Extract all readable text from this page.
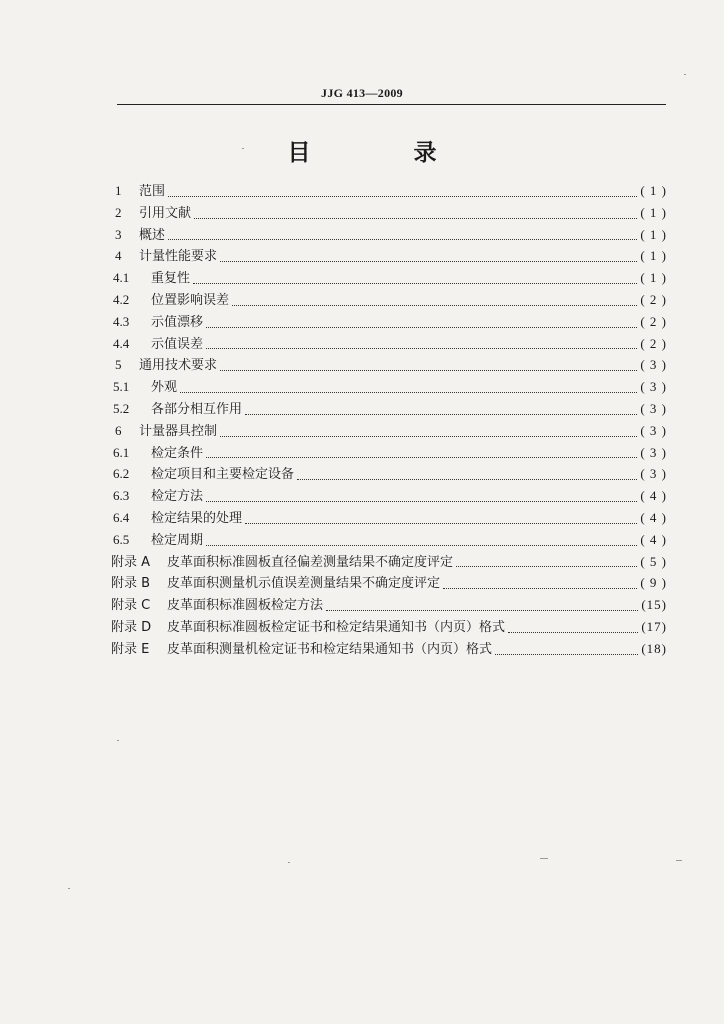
JJG 413—2009
目　录
1	范围	( 1 )
2	引用文献	( 1 )
3	概述	( 1 )
4	计量性能要求	( 1 )
4.1	重复性	( 1 )
4.2	位置影响误差	( 2 )
4.3	示值漂移	( 2 )
4.4	示值误差	( 2 )
5	通用技术要求	( 3 )
5.1	外观	( 3 )
5.2	各部分相互作用	( 3 )
6	计量器具控制	( 3 )
6.1	检定条件	( 3 )
6.2	检定项目和主要检定设备	( 3 )
6.3	检定方法	( 4 )
6.4	检定结果的处理	( 4 )
6.5	检定周期	( 4 )
附录 A	皮革面积标准圆板直径偏差测量结果不确定度评定	( 5 )
附录 B	皮革面积测量机示值误差测量结果不确定度评定	( 9 )
附录 C	皮革面积标准圆板检定方法	(15)
附录 D	皮革面积标准圆板检定证书和检定结果通知书（内页）格式	(17)
附录 E	皮革面积测量机检定证书和检定结果通知书（内页）格式	(18)
